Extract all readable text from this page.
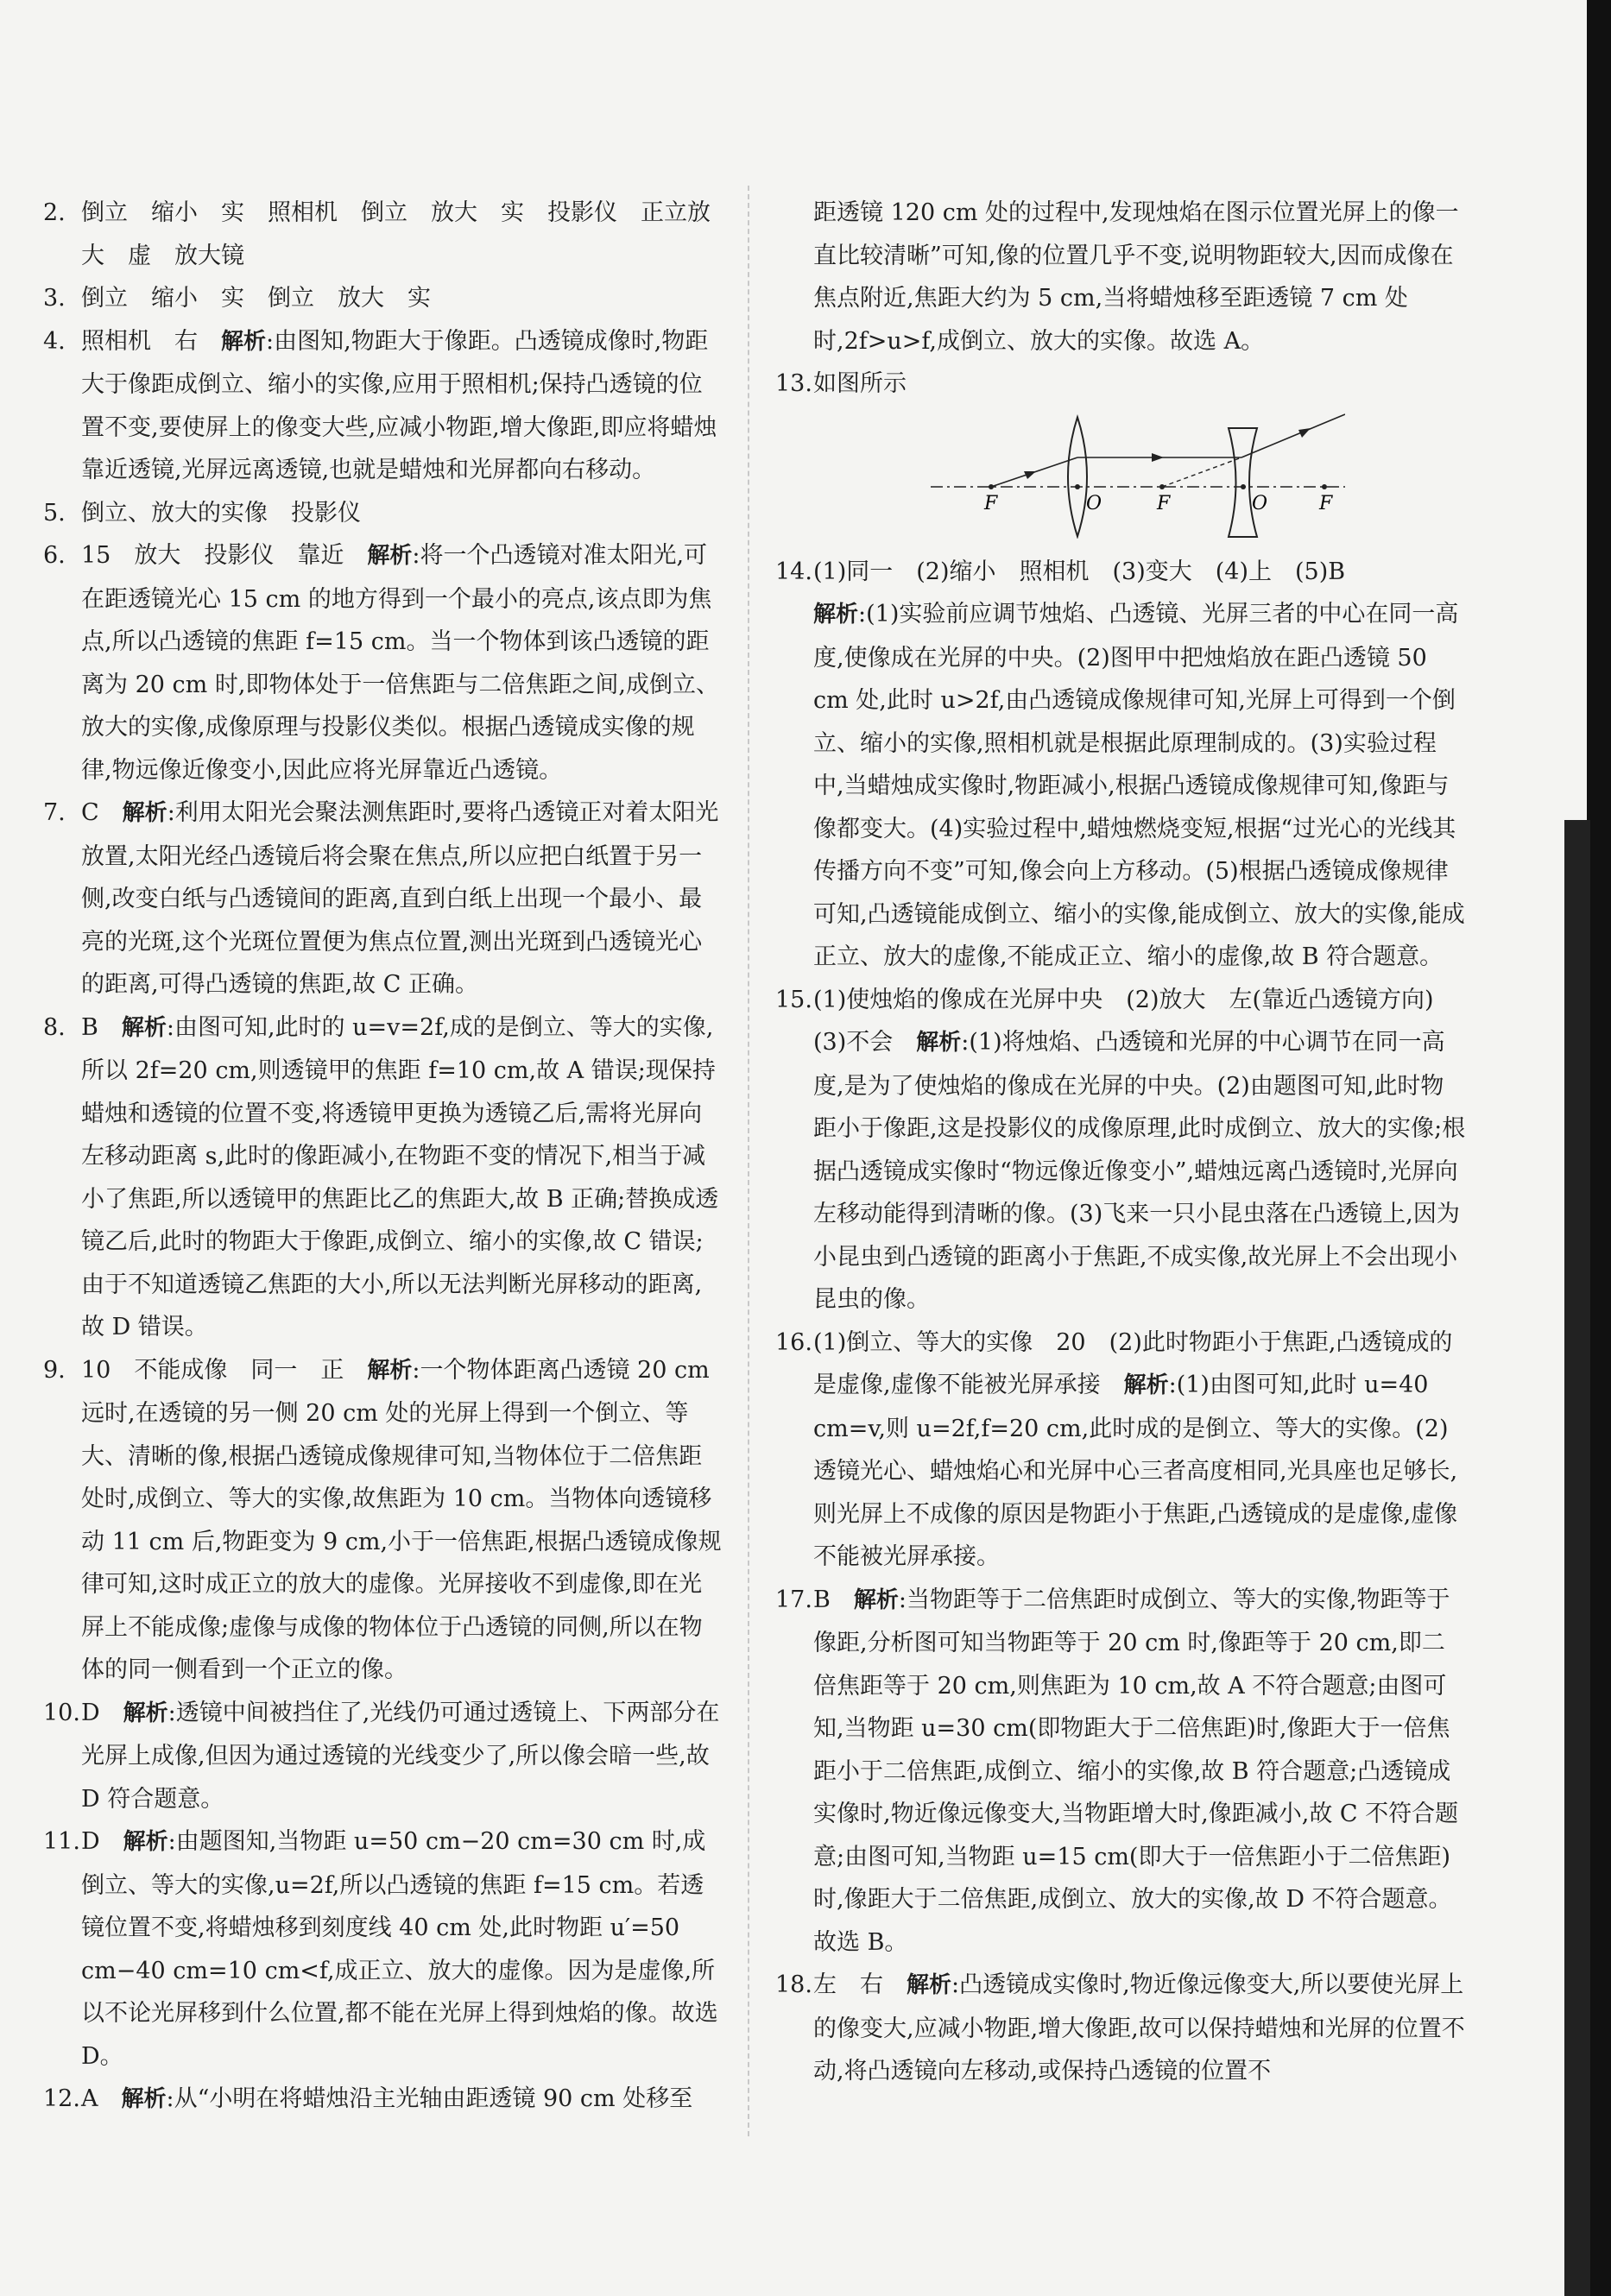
2. 倒立　缩小　实　照相机　倒立　放大　实　投影仪　正立放大　虚　放大镜

3. 倒立　缩小　实　倒立　放大　实

4. 照相机　右　解析:由图知,物距大于像距。凸透镜成像时,物距大于像距成倒立、缩小的实像,应用于照相机;保持凸透镜的位置不变,要使屏上的像变大些,应减小物距,增大像距,即应将蜡烛靠近透镜,光屏远离透镜,也就是蜡烛和光屏都向右移动。

5. 倒立、放大的实像　投影仪

6. 15　放大　投影仪　靠近　解析:将一个凸透镜对准太阳光,可在距透镜光心 15 cm 的地方得到一个最小的亮点,该点即为焦点,所以凸透镜的焦距 f=15 cm。当一个物体到该凸透镜的距离为 20 cm 时,即物体处于一倍焦距与二倍焦距之间,成倒立、放大的实像,成像原理与投影仪类似。根据凸透镜成实像的规律,物远像近像变小,因此应将光屏靠近凸透镜。

7. C　解析:利用太阳光会聚法测焦距时,要将凸透镜正对着太阳光放置,太阳光经凸透镜后将会聚在焦点,所以应把白纸置于另一侧,改变白纸与凸透镜间的距离,直到白纸上出现一个最小、最亮的光斑,这个光斑位置便为焦点位置,测出光斑到凸透镜光心的距离,可得凸透镜的焦距,故 C 正确。

8. B　解析:由图可知,此时的 u=v=2f,成的是倒立、等大的实像,所以 2f=20 cm,则透镜甲的焦距 f=10 cm,故 A 错误;现保持蜡烛和透镜的位置不变,将透镜甲更换为透镜乙后,需将光屏向左移动距离 s,此时的像距减小,在物距不变的情况下,相当于减小了焦距,所以透镜甲的焦距比乙的焦距大,故 B 正确;替换成透镜乙后,此时的物距大于像距,成倒立、缩小的实像,故 C 错误;由于不知道透镜乙焦距的大小,所以无法判断光屏移动的距离,故 D 错误。

9. 10　不能成像　同一　正　解析:一个物体距离凸透镜 20 cm 远时,在透镜的另一侧 20 cm 处的光屏上得到一个倒立、等大、清晰的像,根据凸透镜成像规律可知,当物体位于二倍焦距处时,成倒立、等大的实像,故焦距为 10 cm。当物体向透镜移动 11 cm 后,物距变为 9 cm,小于一倍焦距,根据凸透镜成像规律可知,这时成正立的放大的虚像。光屏接收不到虚像,即在光屏上不能成像;虚像与成像的物体位于凸透镜的同侧,所以在物体的同一侧看到一个正立的像。

10.D　解析:透镜中间被挡住了,光线仍可通过透镜上、下两部分在光屏上成像,但因为通过透镜的光线变少了,所以像会暗一些,故 D 符合题意。

11.D　解析:由题图知,当物距 u=50 cm−20 cm=30 cm 时,成倒立、等大的实像,u=2f,所以凸透镜的焦距 f=15 cm。若透镜位置不变,将蜡烛移到刻度线 40 cm 处,此时物距 u′=50 cm−40 cm=10 cm<f,成正立、放大的虚像。因为是虚像,所以不论光屏移到什么位置,都不能在光屏上得到烛焰的像。故选 D。

12.A　解析:从“小明在将蜡烛沿主光轴由距透镜 90 cm 处移至

距透镜 120 cm 处的过程中,发现烛焰在图示位置光屏上的像一直比较清晰”可知,像的位置几乎不变,说明物距较大,因而成像在焦点附近,焦距大约为 5 cm,当将蜡烛移至距透镜 7 cm 处时,2f>u>f,成倒立、放大的实像。故选 A。

13.如图所示

F	O	F	O	F

14.(1)同一　(2)缩小　照相机　(3)变大　(4)上　(5)B

解析:(1)实验前应调节烛焰、凸透镜、光屏三者的中心在同一高度,使像成在光屏的中央。(2)图甲中把烛焰放在距凸透镜 50 cm 处,此时 u>2f,由凸透镜成像规律可知,光屏上可得到一个倒立、缩小的实像,照相机就是根据此原理制成的。(3)实验过程中,当蜡烛成实像时,物距减小,根据凸透镜成像规律可知,像距与像都变大。(4)实验过程中,蜡烛燃烧变短,根据“过光心的光线其传播方向不变”可知,像会向上方移动。(5)根据凸透镜成像规律可知,凸透镜能成倒立、缩小的实像,能成倒立、放大的实像,能成正立、放大的虚像,不能成正立、缩小的虚像,故 B 符合题意。

15.(1)使烛焰的像成在光屏中央　(2)放大　左(靠近凸透镜方向)　(3)不会　解析:(1)将烛焰、凸透镜和光屏的中心调节在同一高度,是为了使烛焰的像成在光屏的中央。(2)由题图可知,此时物距小于像距,这是投影仪的成像原理,此时成倒立、放大的实像;根据凸透镜成实像时“物远像近像变小”,蜡烛远离凸透镜时,光屏向左移动能得到清晰的像。(3)飞来一只小昆虫落在凸透镜上,因为小昆虫到凸透镜的距离小于焦距,不成实像,故光屏上不会出现小昆虫的像。

16.(1)倒立、等大的实像　20　(2)此时物距小于焦距,凸透镜成的是虚像,虚像不能被光屏承接　解析:(1)由图可知,此时 u=40 cm=v,则 u=2f,f=20 cm,此时成的是倒立、等大的实像。(2)透镜光心、蜡烛焰心和光屏中心三者高度相同,光具座也足够长,则光屏上不成像的原因是物距小于焦距,凸透镜成的是虚像,虚像不能被光屏承接。

17.B　解析:当物距等于二倍焦距时成倒立、等大的实像,物距等于像距,分析图可知当物距等于 20 cm 时,像距等于 20 cm,即二倍焦距等于 20 cm,则焦距为 10 cm,故 A 不符合题意;由图可知,当物距 u=30 cm(即物距大于二倍焦距)时,像距大于一倍焦距小于二倍焦距,成倒立、缩小的实像,故 B 符合题意;凸透镜成实像时,物近像远像变大,当物距增大时,像距减小,故 C 不符合题意;由图可知,当物距 u=15 cm(即大于一倍焦距小于二倍焦距)时,像距大于二倍焦距,成倒立、放大的实像,故 D 不符合题意。故选 B。

18.左　右　解析:凸透镜成实像时,物近像远像变大,所以要使光屏上的像变大,应减小物距,增大像距,故可以保持蜡烛和光屏的位置不动,将凸透镜向左移动,或保持凸透镜的位置不
